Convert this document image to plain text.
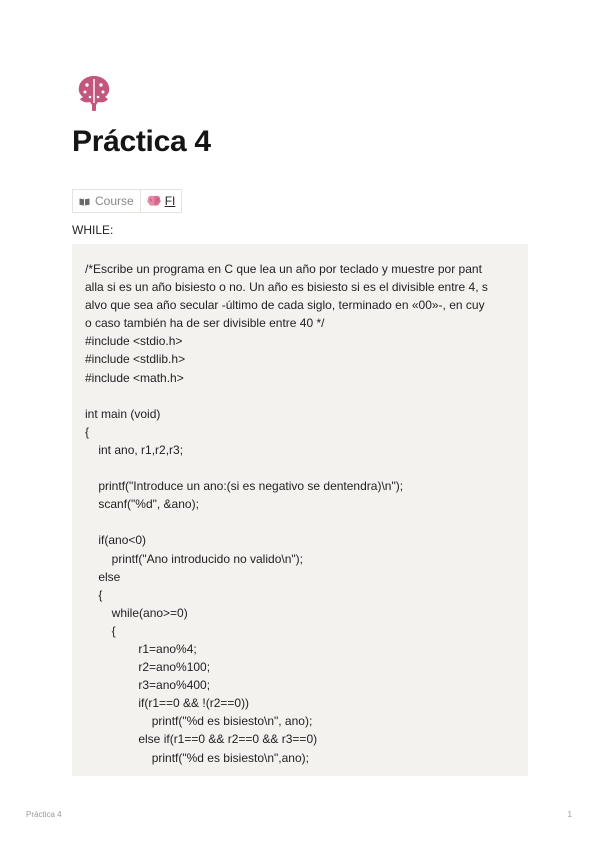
Práctica 4
Course	FI
WHILE:
/*Escribe un programa en C que lea un año por teclado y muestre por pant
alla si es un año bisiesto o no. Un año es bisiesto si es el divisible entre 4, s
alvo que sea año secular -último de cada siglo, terminado en «00»-, en cuy
o caso también ha de ser divisible entre 40 */
#include <stdio.h>
#include <stdlib.h>
#include <math.h>

int main (void)
{
int ano, r1,r2,r3;

printf("Introduce un ano:(si es negativo se dentendra)\n");
scanf("%d", &ano);

if(ano<0)
printf("Ano introducido no valido\n");
else
{
while(ano>=0)
{
r1=ano%4;
r2=ano%100;
r3=ano%400;
if(r1==0 && !(r2==0))
printf("%d es bisiesto\n", ano);
else if(r1==0 && r2==0 && r3==0)
printf("%d es bisiesto\n",ano);
Práctica 4	1
